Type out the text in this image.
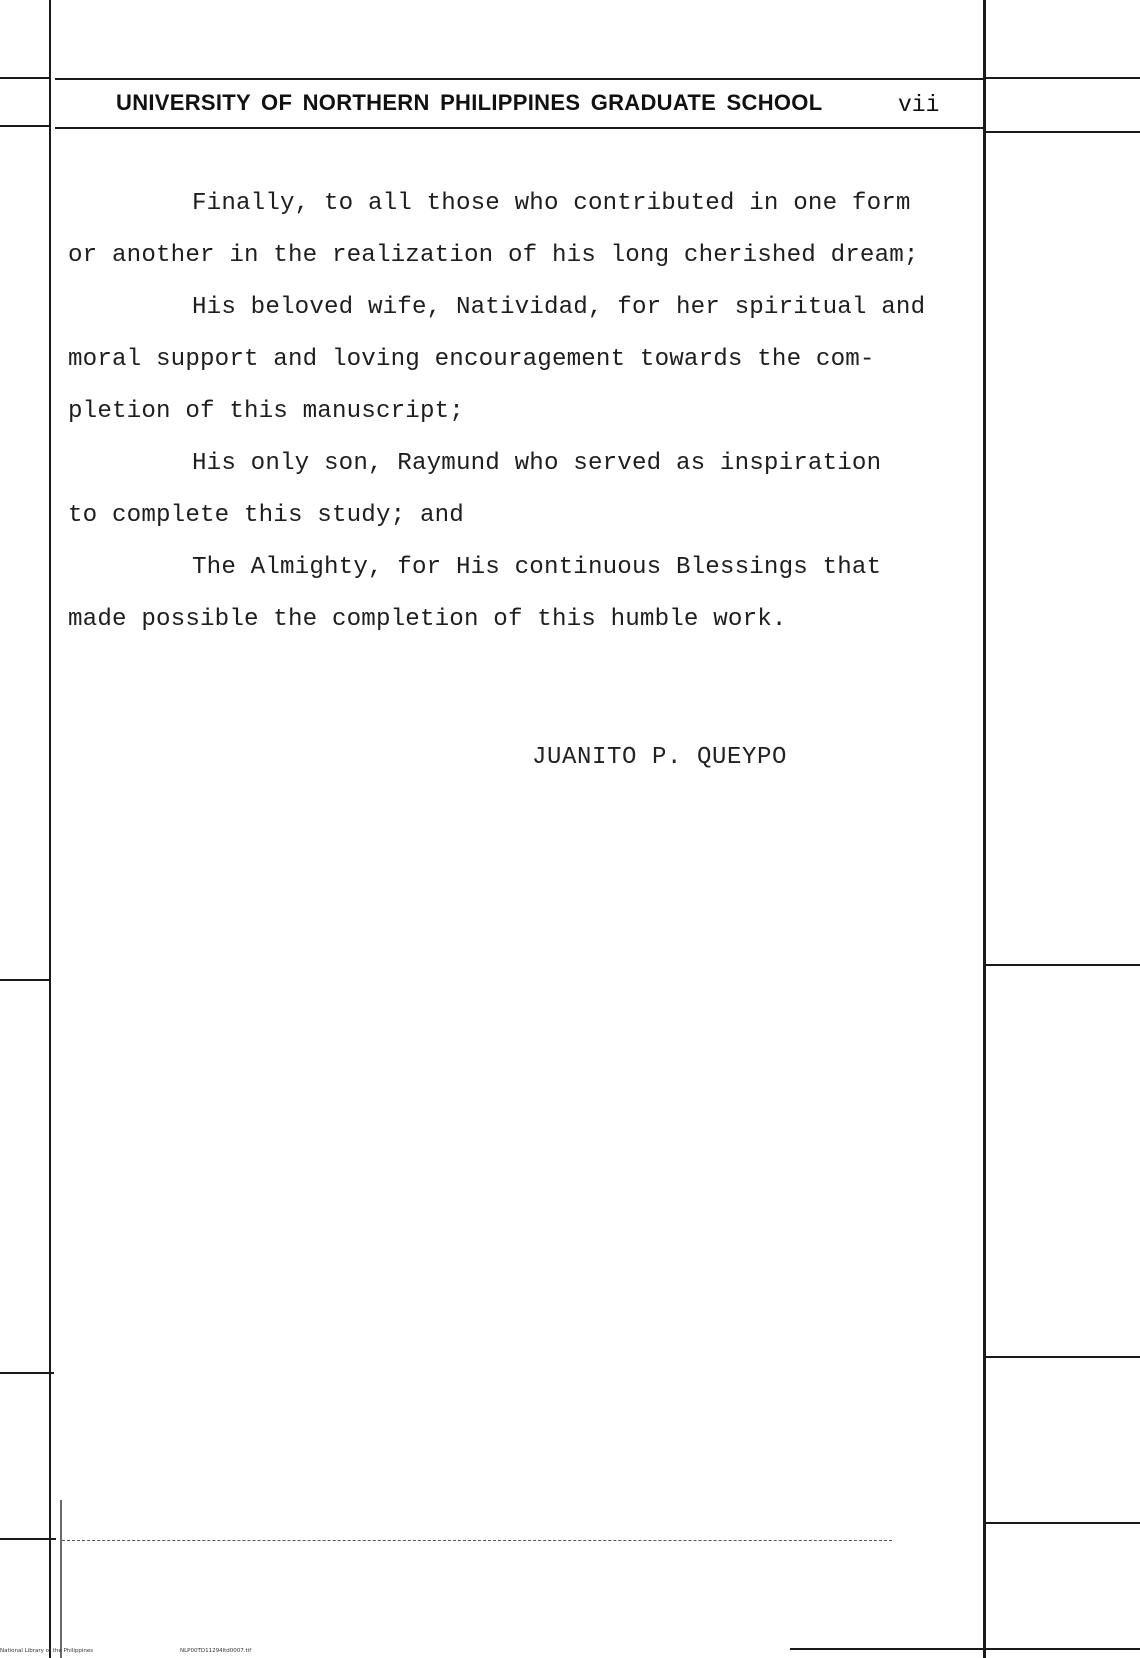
UNIVERSITY OF NORTHERN PHILIPPINES GRADUATE SCHOOL	vii
Finally, to all those who contributed in one form
or another in the realization of his long cherished dream;
His beloved wife, Natividad, for her spiritual and
moral support and loving encouragement towards the com-
pletion of this manuscript;
His only son, Raymund who served as inspiration
to complete this study; and
The Almighty, for His continuous Blessings that
made possible the completion of this humble work.
JUANITO P. QUEYPO
National Library of the Philippines	NLP00TD11294ltd0007.tif
